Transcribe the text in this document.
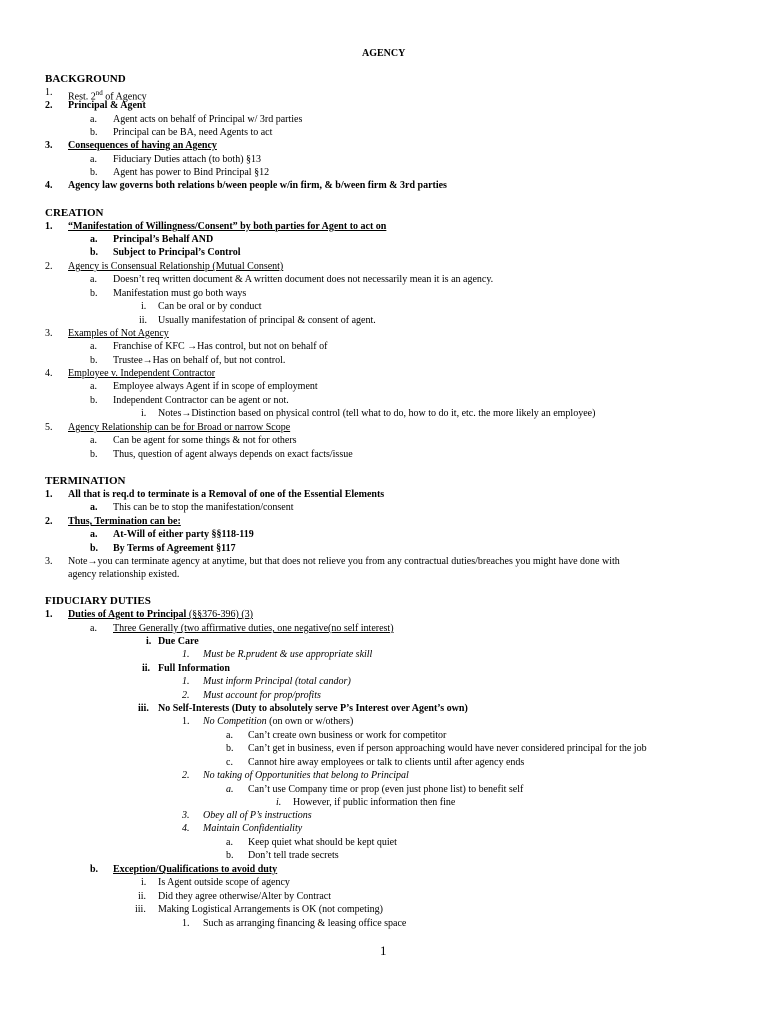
AGENCY
BACKGROUND
1. Rest. 2nd of Agency
2. Principal & Agent
a. Agent acts on behalf of Principal w/ 3rd parties
b. Principal can be BA, need Agents to act
3. Consequences of having an Agency
a. Fiduciary Duties attach (to both) §13
b. Agent has power to Bind Principal §12
4. Agency law governs both relations b/ween people w/in firm, & b/ween firm & 3rd parties
CREATION
1. “Manifestation of Willingness/Consent” by both parties for Agent to act on
a. Principal’s Behalf AND
b. Subject to Principal’s Control
2. Agency is Consensual Relationship (Mutual Consent)
a. Doesn’t req written document & A written document does not necessarily mean it is an agency.
b. Manifestation must go both ways
i. Can be oral or by conduct
ii. Usually manifestation of principal & consent of agent.
3. Examples of Not Agency
a. Franchise of KFC →Has control, but not on behalf of
b. Trustee→Has on behalf of, but not control.
4. Employee v. Independent Contractor
a. Employee always Agent if in scope of employment
b. Independent Contractor can be agent or not.
i. Notes→Distinction based on physical control (tell what to do, how to do it, etc. the more likely an employee)
5. Agency Relationship can be for Broad or narrow Scope
a. Can be agent for some things & not for others
b. Thus, question of agent always depends on exact facts/issue
TERMINATION
1. All that is req.d to terminate is a Removal of one of the Essential Elements
a. This can be to stop the manifestation/consent
2. Thus, Termination can be:
a. At-Will of either party §§118-119
b. By Terms of Agreement §117
3. Note→you can terminate agency at anytime, but that does not relieve you from any contractual duties/breaches you might have done with
agency relationship existed.
FIDUCIARY DUTIES
1. Duties of Agent to Principal (§§376-396) (3)
a. Three Generally (two affirmative duties, one negative(no self interest)
i. Due Care
1. Must be R.prudent & use appropriate skill
ii. Full Information
1. Must inform Principal (total candor)
2. Must account for prop/profits
iii. No Self-Interests (Duty to absolutely serve P’s Interest over Agent’s own)
1. No Competition (on own or w/others)
a. Can’t create own business or work for competitor
b. Can’t get in business, even if person approaching would have never considered principal for the job
c. Cannot hire away employees or talk to clients until after agency ends
2. No taking of Opportunities that belong to Principal
a. Can’t use Company time or prop (even just phone list) to benefit self
i. However, if public information then fine
3. Obey all of P’s instructions
4. Maintain Confidentiality
a. Keep quiet what should be kept quiet
b. Don’t tell trade secrets
b. Exception/Qualifications to avoid duty
i. Is Agent outside scope of agency
ii. Did they agree otherwise/Alter by Contract
iii. Making Logistical Arrangements is OK (not competing)
1. Such as arranging financing & leasing office space
1
